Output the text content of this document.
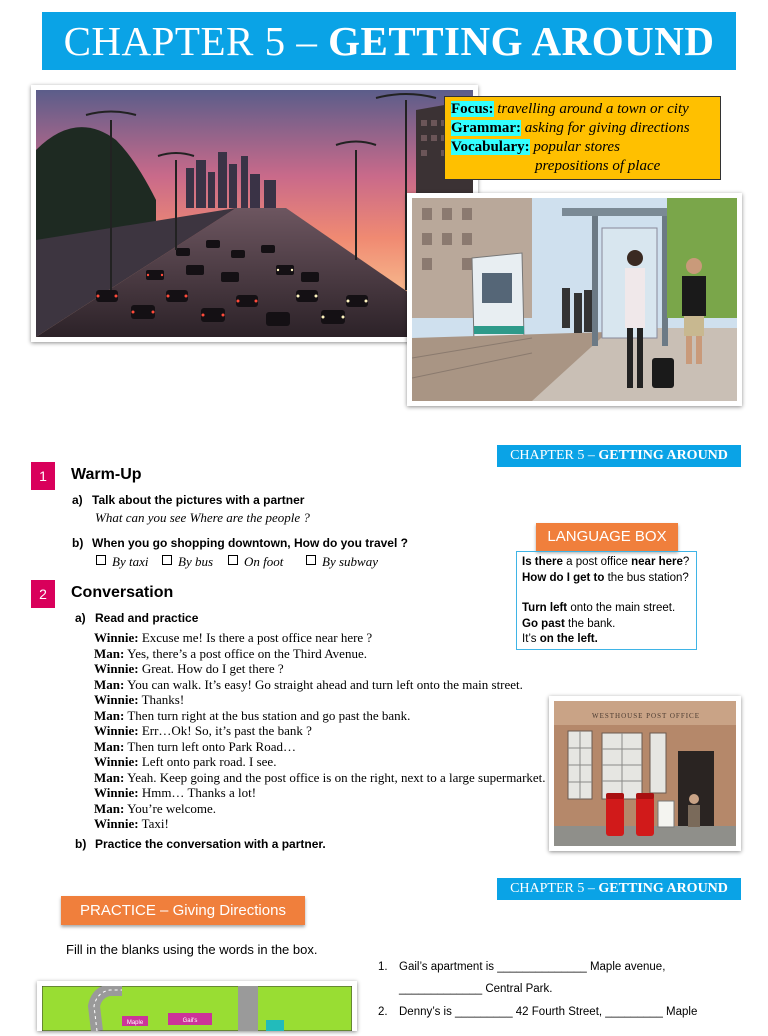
CHAPTER 5 – GETTING AROUND
Focus: travelling around a town or city
Grammar: asking for giving directions
Vocabulary: popular stores
prepositions of place
CHAPTER 5 – GETTING AROUND
1	Warm-Up
a) Talk about the pictures with a partner
What can you see Where are the people ?
b) When you go shopping downtown, How do you travel ?
By taxi By bus On foot	By subway
LANGUAGE BOX
Is there a post office near here?
How do I get to the bus station?
Turn left onto the main street.
Go past the bank.
It’s on the left.
2	Conversation
a) Read and practice
Winnie: Excuse me! Is there a post office near here ?
Man: Yes, there’s a post office on the Third Avenue.
Winnie: Great. How do I get there ?
Man: You can walk. It’s easy! Go straight ahead and turn left onto the main street.
Winnie: Thanks!
Man: Then turn right at the bus station and go past the bank.
Winnie: Err…Ok! So, it’s past the bank ?
Man: Then turn left onto Park Road…
Winnie: Left onto park road. I see.
Man: Yeah. Keep going and the post office is on the right, next to a large supermarket.
Winnie: Hmm… Thanks a lot!
Man: You’re welcome.
Winnie: Taxi!
b) Practice the conversation with a partner.
WESTHOUSE POST OFFICE
CHAPTER 5 – GETTING AROUND
PRACTICE – Giving Directions
Fill in the blanks using the words in the box.
Maple	Gail's
1. Gail’s apartment is ______________ Maple avenue,
_____________ Central Park.
2. Denny’s is _________ 42 Fourth Street, _________ Maple
